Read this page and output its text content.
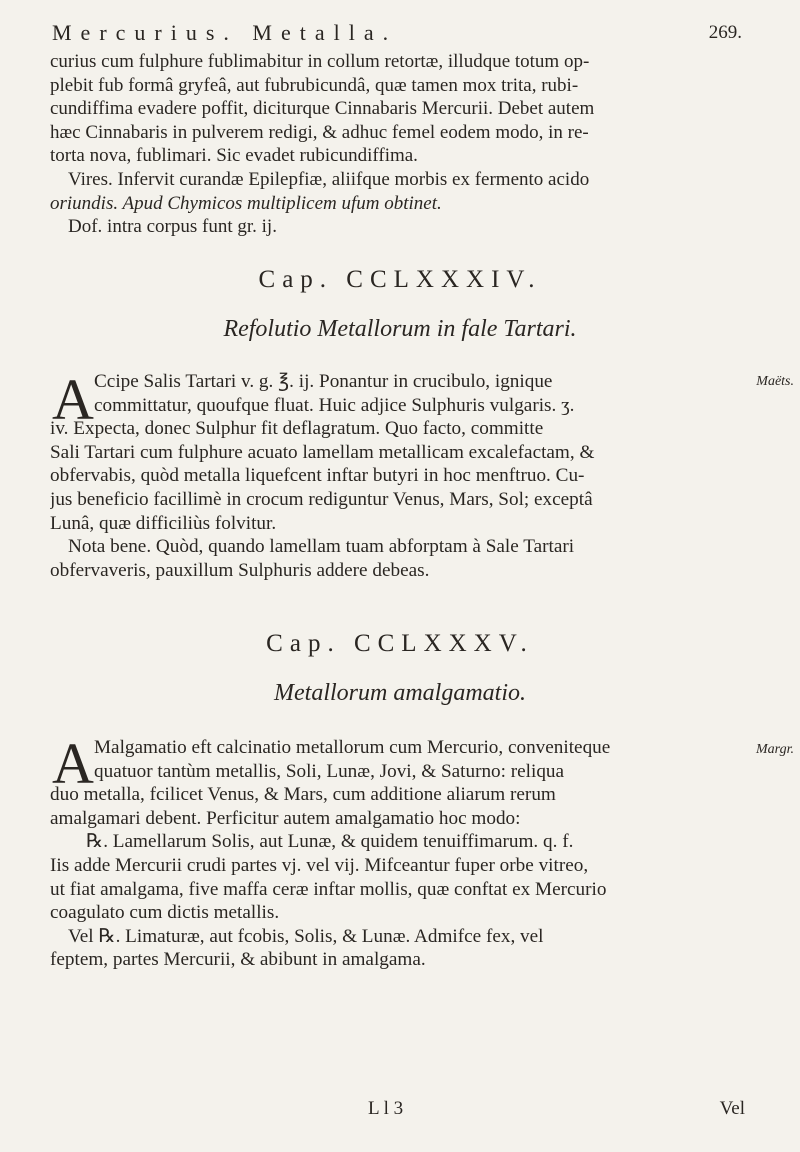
Mercurius. Metalla.	269.
curius cum fulphure fublimabitur in collum retortæ, illudque totum op-
plebit fub formâ gryfeâ, aut fubrubicundâ, quæ tamen mox trita, rubi-
cundiffima evadere poffit, diciturque Cinnabaris Mercurii. Debet autem
hæc Cinnabaris in pulverem redigi, & adhuc femel eodem modo, in re-
torta nova, fublimari. Sic evadet rubicundiffima.
Vires. Infervit curandæ Epilepfiæ, aliifque morbis ex fermento acido
oriundis. Apud Chymicos multiplicem ufum obtinet.
Dof. intra corpus funt gr. ij.
Cap. CCLXXXIV.
Refolutio Metallorum in fale Tartari.
A Ccipe Salis Tartari v. g. ℥. ij. Ponantur in crucibulo, ignique
committatur, quoufque fluat. Huic adjice Sulphuris vulgaris. ʒ.
iv. Expecta, donec Sulphur fit deflagratum. Quo facto, committe
Sali Tartari cum fulphure acuato lamellam metallicam excalefactam, &
obfervabis, quòd metalla liquefcent inftar butyri in hoc menftruo. Cu-
jus beneficio facillimè in crocum rediguntur Venus, Mars, Sol; exceptâ
Lunâ, quæ difficiliùs folvitur.
Nota bene. Quòd, quando lamellam tuam abforptam à Sale Tartari
obfervaveris, pauxillum Sulphuris addere debeas.
Maëts.
Cap. CCLXXXV.
Metallorum amalgamatio.
A Malgamatio eft calcinatio metallorum cum Mercurio, conveniteque
quatuor tantùm metallis, Soli, Lunæ, Jovi, & Saturno: reliqua
duo metalla, fcilicet Venus, & Mars, cum additione aliarum rerum
amalgamari debent. Perficitur autem amalgamatio hoc modo:
℞. Lamellarum Solis, aut Lunæ, & quidem tenuiffimarum. q. f.
Iis adde Mercurii crudi partes vj. vel vij. Mifceantur fuper orbe vitreo,
ut fiat amalgama, five maffa ceræ inftar mollis, quæ conftat ex Mercurio
coagulato cum dictis metallis.
Vel ℞. Limaturæ, aut fcobis, Solis, & Lunæ. Admifce fex, vel
feptem, partes Mercurii, & abibunt in amalgama.
Margr.
L l 3	Vel
